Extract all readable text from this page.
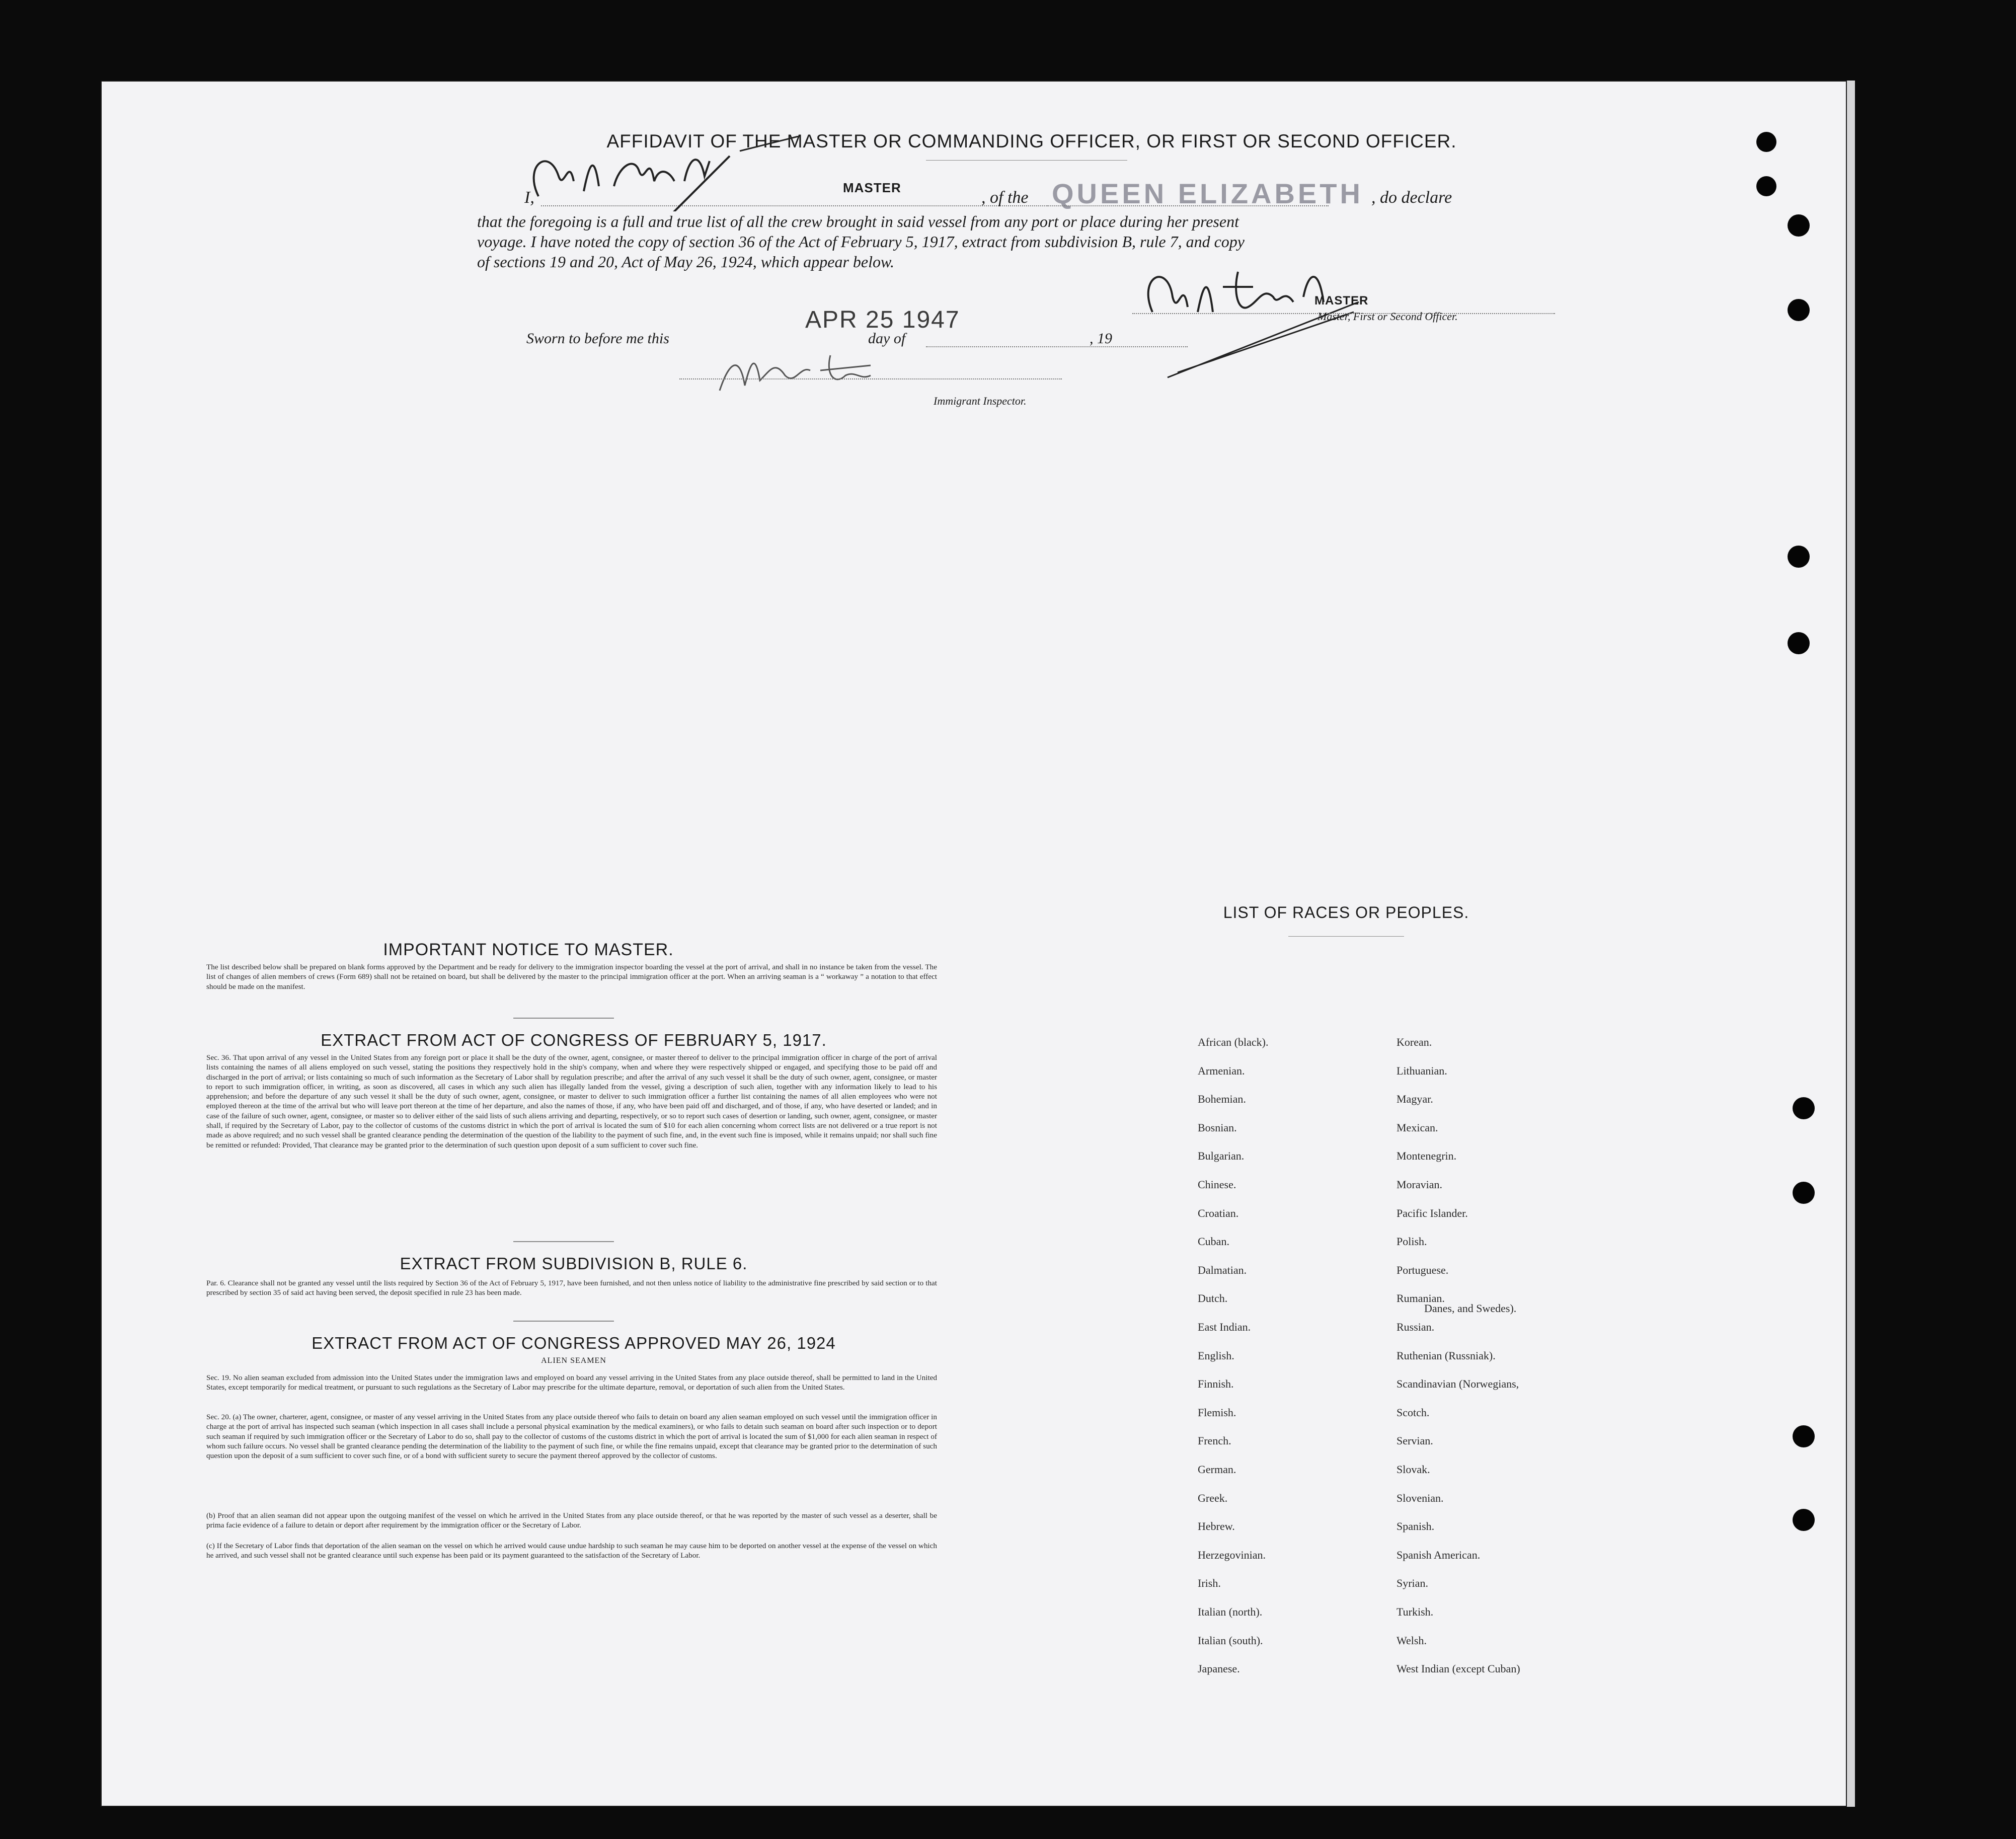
AFFIDAVIT OF THE MASTER OR COMMANDING OFFICER, OR FIRST OR SECOND OFFICER.
I,
MASTER
, of the QUEEN ELIZABETH , do declare
that the foregoing is a full and true list of all the crew brought in said vessel from any port or place during her present
voyage. I have noted the copy of section 36 of the Act of February 5, 1917, extract from subdivision B, rule 7, and copy
of sections 19 and 20, Act of May 26, 1924, which appear below.
MASTER
Master, First or Second Officer.
Sworn to before me this
APR 25 1947
day of	, 19
Immigrant Inspector.
IMPORTANT NOTICE TO MASTER.
The list described below shall be prepared on blank forms approved by the Department and be ready for delivery to the immigration inspector boarding the vessel at the port of arrival, and shall in no instance be taken from the vessel. The list of changes of alien members of crews (Form 689) shall not be retained on board, but shall be delivered by the master to the principal immigration officer at the port. When an arriving seaman is a “ workaway ” a notation to that effect should be made on the manifest.
EXTRACT FROM ACT OF CONGRESS OF FEBRUARY 5, 1917.
Sec. 36. That upon arrival of any vessel in the United States from any foreign port or place it shall be the duty of the owner, agent, consignee, or master thereof to deliver to the principal immigration officer in charge of the port of arrival lists containing the names of all aliens employed on such vessel, stating the positions they respectively hold in the ship's company, when and where they were respectively shipped or engaged, and specifying those to be paid off and discharged in the port of arrival; or lists containing so much of such information as the Secretary of Labor shall by regulation prescribe; and after the arrival of any such vessel it shall be the duty of such owner, agent, consignee, or master to report to such immigration officer, in writing, as soon as discovered, all cases in which any such alien has illegally landed from the vessel, giving a description of such alien, together with any information likely to lead to his apprehension; and before the departure of any such vessel it shall be the duty of such owner, agent, consignee, or master to deliver to such immigration officer a further list containing the names of all alien employees who were not employed thereon at the time of the arrival but who will leave port thereon at the time of her departure, and also the names of those, if any, who have been paid off and discharged, and of those, if any, who have deserted or landed; and in case of the failure of such owner, agent, consignee, or master so to deliver either of the said lists of such aliens arriving and departing, respectively, or so to report such cases of desertion or landing, such owner, agent, consignee, or master shall, if required by the Secretary of Labor, pay to the collector of customs of the customs district in which the port of arrival is located the sum of $10 for each alien concerning whom correct lists are not delivered or a true report is not made as above required; and no such vessel shall be granted clearance pending the determination of the question of the liability to the payment of such fine, and, in the event such fine is imposed, while it remains unpaid; nor shall such fine be remitted or refunded: Provided, That clearance may be granted prior to the determination of such question upon deposit of a sum sufficient to cover such fine.
EXTRACT FROM SUBDIVISION B, RULE 6.
Par. 6. Clearance shall not be granted any vessel until the lists required by Section 36 of the Act of February 5, 1917, have been furnished, and not then unless notice of liability to the administrative fine prescribed by said section or to that prescribed by section 35 of said act having been served, the deposit specified in rule 23 has been made.
EXTRACT FROM ACT OF CONGRESS APPROVED MAY 26, 1924
ALIEN SEAMEN
Sec. 19. No alien seaman excluded from admission into the United States under the immigration laws and employed on board any vessel arriving in the United States from any place outside thereof, shall be permitted to land in the United States, except temporarily for medical treatment, or pursuant to such regulations as the Secretary of Labor may prescribe for the ultimate departure, removal, or deportation of such alien from the United States.
Sec. 20. (a) The owner, charterer, agent, consignee, or master of any vessel arriving in the United States from any place outside thereof who fails to detain on board any alien seaman employed on such vessel until the immigration officer in charge at the port of arrival has inspected such seaman (which inspection in all cases shall include a personal physical examination by the medical examiners), or who fails to detain such seaman on board after such inspection or to deport such seaman if required by such immigration officer or the Secretary of Labor to do so, shall pay to the collector of customs of the customs district in which the port of arrival is located the sum of $1,000 for each alien seaman in respect of whom such failure occurs. No vessel shall be granted clearance pending the determination of the liability to the payment of such fine, or while the fine remains unpaid, except that clearance may be granted prior to the determination of such question upon the deposit of a sum sufficient to cover such fine, or of a bond with sufficient surety to secure the payment thereof approved by the collector of customs.
(b) Proof that an alien seaman did not appear upon the outgoing manifest of the vessel on which he arrived in the United States from any place outside thereof, or that he was reported by the master of such vessel as a deserter, shall be prima facie evidence of a failure to detain or deport after requirement by the immigration officer or the Secretary of Labor.
(c) If the Secretary of Labor finds that deportation of the alien seaman on the vessel on which he arrived would cause undue hardship to such seaman he may cause him to be deported on another vessel at the expense of the vessel on which he arrived, and such vessel shall not be granted clearance until such expense has been paid or its payment guaranteed to the satisfaction of the Secretary of Labor.
LIST OF RACES OR PEOPLES.
African (black).
Armenian.
Bohemian.
Bosnian.
Bulgarian.
Chinese.
Croatian.
Cuban.
Dalmatian.
Dutch.
East Indian.
English.
Finnish.
Flemish.
French.
German.
Greek.
Hebrew.
Herzegovinian.
Irish.
Italian (north).
Italian (south).
Japanese.
Korean.
Lithuanian.
Magyar.
Mexican.
Montenegrin.
Moravian.
Pacific Islander.
Polish.
Portuguese.
Rumanian.
Russian.
Ruthenian (Russniak).
Scandinavian (Norwegians,
Scotch.
Servian.
Slovak.
Slovenian.
Spanish.
Spanish American.
Syrian.
Turkish.
Welsh.
West Indian (except Cuban)
Danes, and Swedes).
